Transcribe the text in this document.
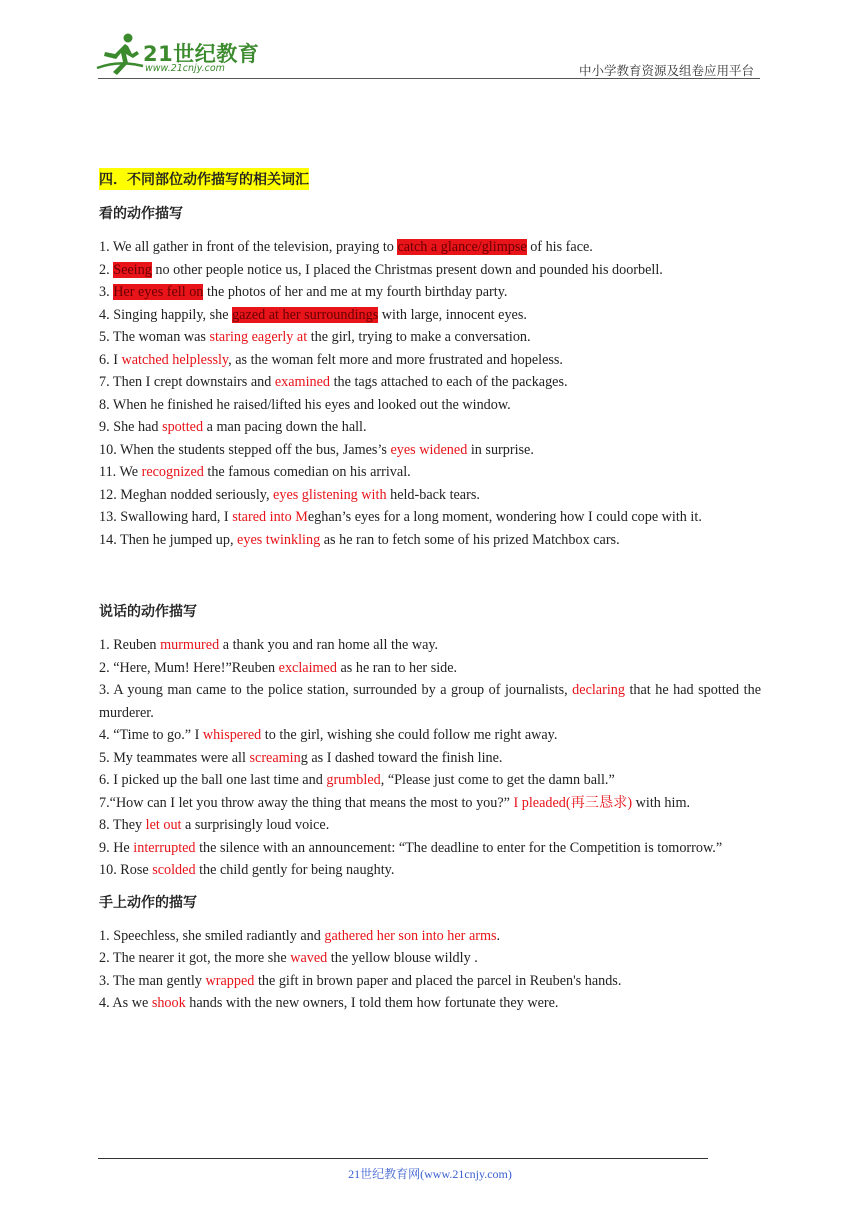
21世纪教育
www.21cnjy.com	中小学教育资源及组卷应用平台
四．不同部位动作描写的相关词汇
看的动作描写
1. We all gather in front of the television, praying to catch a glance/glimpse of his face.
2. Seeing no other people notice us, I placed the Christmas present down and pounded his doorbell.
3. Her eyes fell on the photos of her and me at my fourth birthday party.
4. Singing happily, she gazed at her surroundings with large, innocent eyes.
5. The woman was staring eagerly at the girl, trying to make a conversation.
6. I watched helplessly, as the woman felt more and more frustrated and hopeless.
7. Then I crept downstairs and examined the tags attached to each of the packages.
8. When he finished he raised/lifted his eyes and looked out the window.
9. She had spotted a man pacing down the hall.
10. When the students stepped off the bus, James’s eyes widened in surprise.
11. We recognized the famous comedian on his arrival.
12. Meghan nodded seriously, eyes glistening with held-back tears.
13. Swallowing hard, I stared into Meghan’s eyes for a long moment, wondering how I could cope with it.
14. Then he jumped up, eyes twinkling as he ran to fetch some of his prized Matchbox cars.
说话的动作描写
1. Reuben murmured a thank you and ran home all the way.
2. “Here, Mum! Here!”Reuben exclaimed as he ran to her side.
3. A young man came to the police station, surrounded by a group of journalists, declaring that he had spotted the murderer.
4. “Time to go.” I whispered to the girl, wishing she could follow me right away.
5. My teammates were all screaming as I dashed toward the finish line.
6. I picked up the ball one last time and grumbled, “Please just come to get the damn ball.”
7.“How can I let you throw away the thing that means the most to you?” I pleaded(再三恳求) with him.
8. They let out a surprisingly loud voice.
9. He interrupted the silence with an announcement: “The deadline to enter for the Competition is tomorrow.”
10. Rose scolded the child gently for being naughty.
手上动作的描写
1. Speechless, she smiled radiantly and gathered her son into her arms.
2. The nearer it got, the more she waved the yellow blouse wildly .
3. The man gently wrapped the gift in brown paper and placed the parcel in Reuben's hands.
4. As we shook hands with the new owners, I told them how fortunate they were.
21世纪教育网(www.21cnjy.com)
